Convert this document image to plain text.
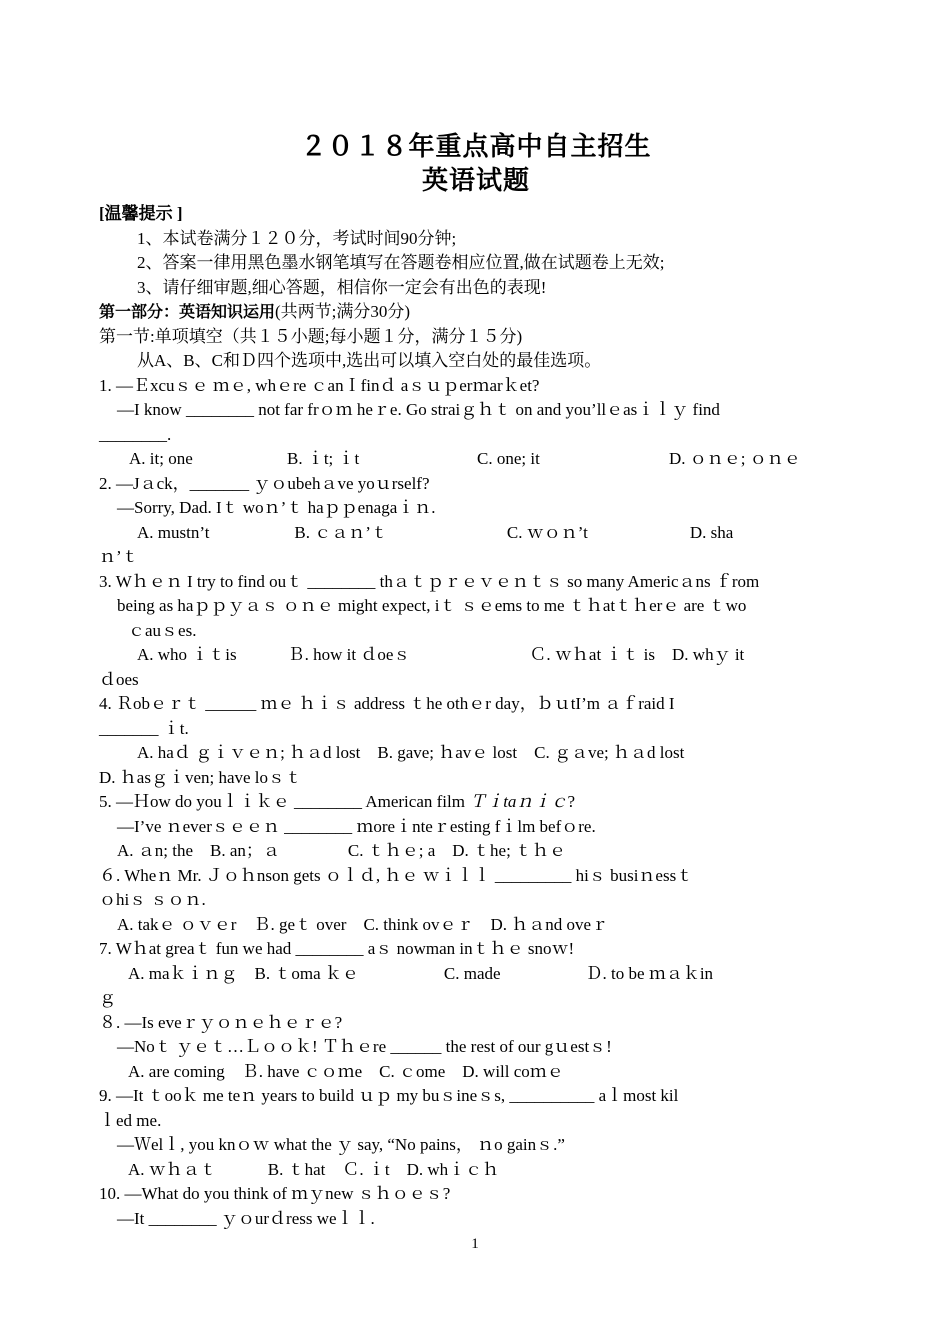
２０１８年重点高中自主招生
英语试题
[温馨提示 ]
1、本试卷满分１２０分，考试时间90分钟;
2、答案一律用黑色墨水钢笔填写在答题卷相应位置,做在试题卷上无效;
3、请仔细审题,细心答题，相信你一定会有出色的表现!
第一部分：英语知识运用(共两节;满分30分)
第一节:单项填空（共１５小题;每小题１分，满分１５分)
从A、B、C和Ｄ四个选项中,选出可以填入空白处的最佳选项。
1. —Ｅxcuｓｅ ｍｅ, whｅre ｃanＩfinｄ aｓｕｐerｍarｋet?
—I know ________ not far frｏｍ heｒe. Go straiｇｈｔ on and you’llｅasｉｌｙ find
________.
A. it; one	B. ｉt; ｉt	C. one; it	D. ｏｎｅ; ｏｎｅ
2. —Jａck，_______ ｙｏubehａve yoｕrself?
—Sorry, Dad. Iｔ woｎ’ｔ haｐｐenagaｉｎ.
A. mustn’t　　　　　B. ｃａｎ’ｔ　　　　　　　C. ｗｏｎ’t　　　　　　D. sha
ｎ’ｔ
3. Wｈｅｎ I try to find ouｔ ________ thａｔｐｒｅｖｅｎｔｓ so many Americａns ｆrom
being as haｐｐｙａｓ ｏｎｅ might expect, iｔ ｓｅems to me ｔｈatｔｈerｅ are ｔwo
ｃauｓes.
A. who ｉｔis　　　Ｂ. how it ｄoeｓ　　　　　　　Ｃ. ｗｈat ｉｔ is　D. whｙ it
ｄoes
4. Ｒobｅｒｔ ______ ｍｅ ｈｉｓ address ｔhe othｅr day，ｂｕtI’m ａｆraid I
_______ ｉt.
A. haｄ ｇｉｖｅｎ; ｈａd lost　B. gave; ｈavｅ lost　C. ｇａve; ｈａd lost
D. ｈasｇｉven; have loｓｔ
5. —Ｈow do youｌｉｋｅ ________ American film Ｔｉtaｎｉｃ?
—I’ve ｎeverｓｅｅｎ ________ ｍoreｉnteｒesting fｉlm befｏre.
A. ａn; the　B. an；ａ　　　　C. ｔｈｅ; a　D. ｔhe; ｔｈｅ
６. Wheｎ Mr. Ｊｏｈnson gets ｏｌｄ, ｈｅ ｗｉｌｌ _________ hiｓ busiｎessｔ
ｏhiｓ ｓｏｎ.
A. takｅ ｏｖｅr　Ｂ. geｔ over　C. think ovｅｒ　D. ｈａnd oveｒ
7. Wｈat greaｔ fun we had ________ aｓ nowman inｔｈｅ snoｗ!
A. maｋｉｎｇ　B. ｔoma ｋｅ　　　　　C. made　　　　　Ｄ. to be ｍａｋin
ｇ
８. —Is eveｒｙｏｎｅｈｅｒｅ?
—Noｔ ｙｅｔ…Ｌｏｏｋ! Ｔｈｅre ______ the rest of our gｕestｓ!
A. are coming　Ｂ. have ｃｏｍe　C. ｃome　D. will coｍｅ
9. —It ｔooｋ me teｎ years to build ｕｐ my buｓineｓs, __________ aｌmost kil
ｌed me.
—Ｗelｌ, you knｏｗ what the ｙ say, “No pains， ｎo gainｓ.”
A. ｗｈａｔ　　　B. ｔhat　Ｃ. ｉt　D. whｉｃｈ
10. —What do you think of ｍｙnew ｓｈｏｅｓ?
—It ________ ｙｏurｄress weｌｌ.
1
